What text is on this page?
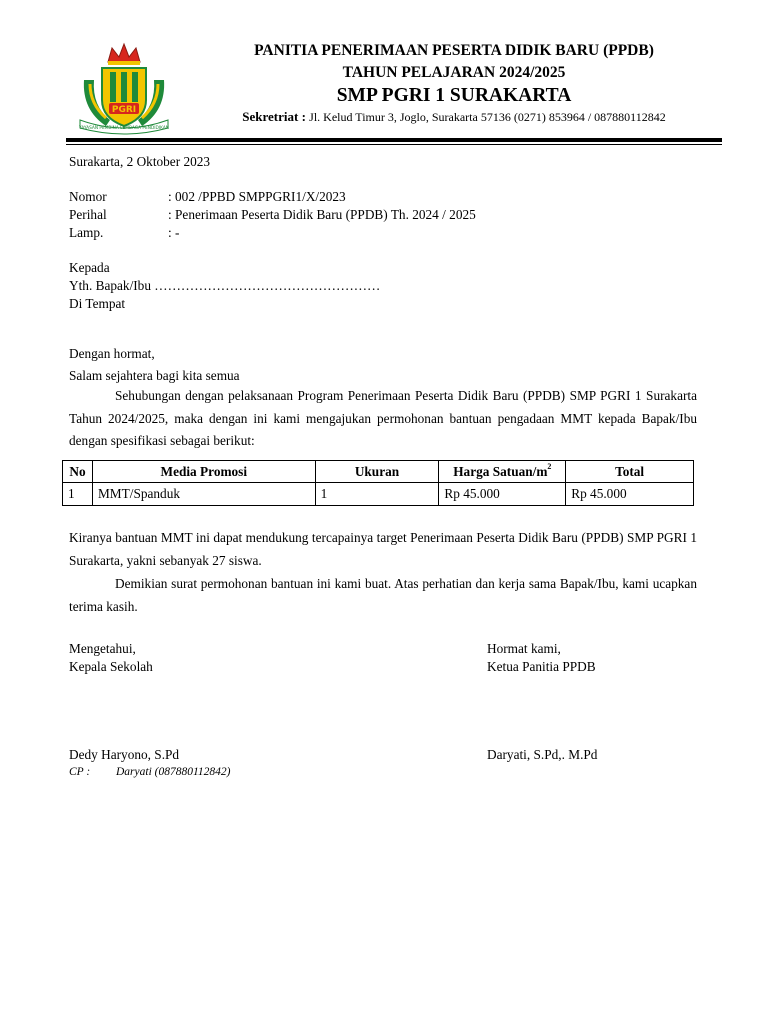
PGRI
YAYASAN PEMBINA LEMBAGA PENDIDIKAN
PANITIA PENERIMAAN PESERTA DIDIK BARU (PPDB)
TAHUN PELAJARAN 2024/2025
SMP PGRI 1 SURAKARTA
Sekretriat : Jl. Kelud Timur 3, Joglo, Surakarta 57136 (0271) 853964 / 087880112842
Surakarta, 2 Oktober 2023
Nomor	: 002 /PPBD SMPPGRI1/X/2023
Perihal	: Penerimaan Peserta Didik Baru (PPDB) Th. 2024 / 2025
Lamp.	: -
Kepada
Yth. Bapak/Ibu ……………………………………………
Di Tempat
Dengan hormat,
Salam sejahtera bagi kita semua
Sehubungan dengan pelaksanaan Program Penerimaan Peserta Didik Baru (PPDB) SMP PGRI 1 Surakarta Tahun 2024/2025, maka dengan ini kami mengajukan permohonan bantuan pengadaan MMT kepada Bapak/Ibu dengan spesifikasi sebagai berikut:
No	Media Promosi	Ukuran	Harga Satuan/$m^2$	Total
1	MMT/Spanduk	1	Rp 45.000	Rp 45.000
Kiranya bantuan MMT ini dapat mendukung tercapainya target Penerimaan Peserta Didik Baru (PPDB) SMP PGRI 1 Surakarta, yakni sebanyak 27 siswa.
Demikian surat permohonan bantuan ini kami buat. Atas perhatian dan kerja sama Bapak/Ibu, kami ucapkan terima kasih.
Mengetahui,
Kepala Sekolah
Hormat kami,
Ketua Panitia PPDB
Dedy Haryono, S.Pd	Daryati, S.Pd,. M.Pd
CP : Daryati (087880112842)
